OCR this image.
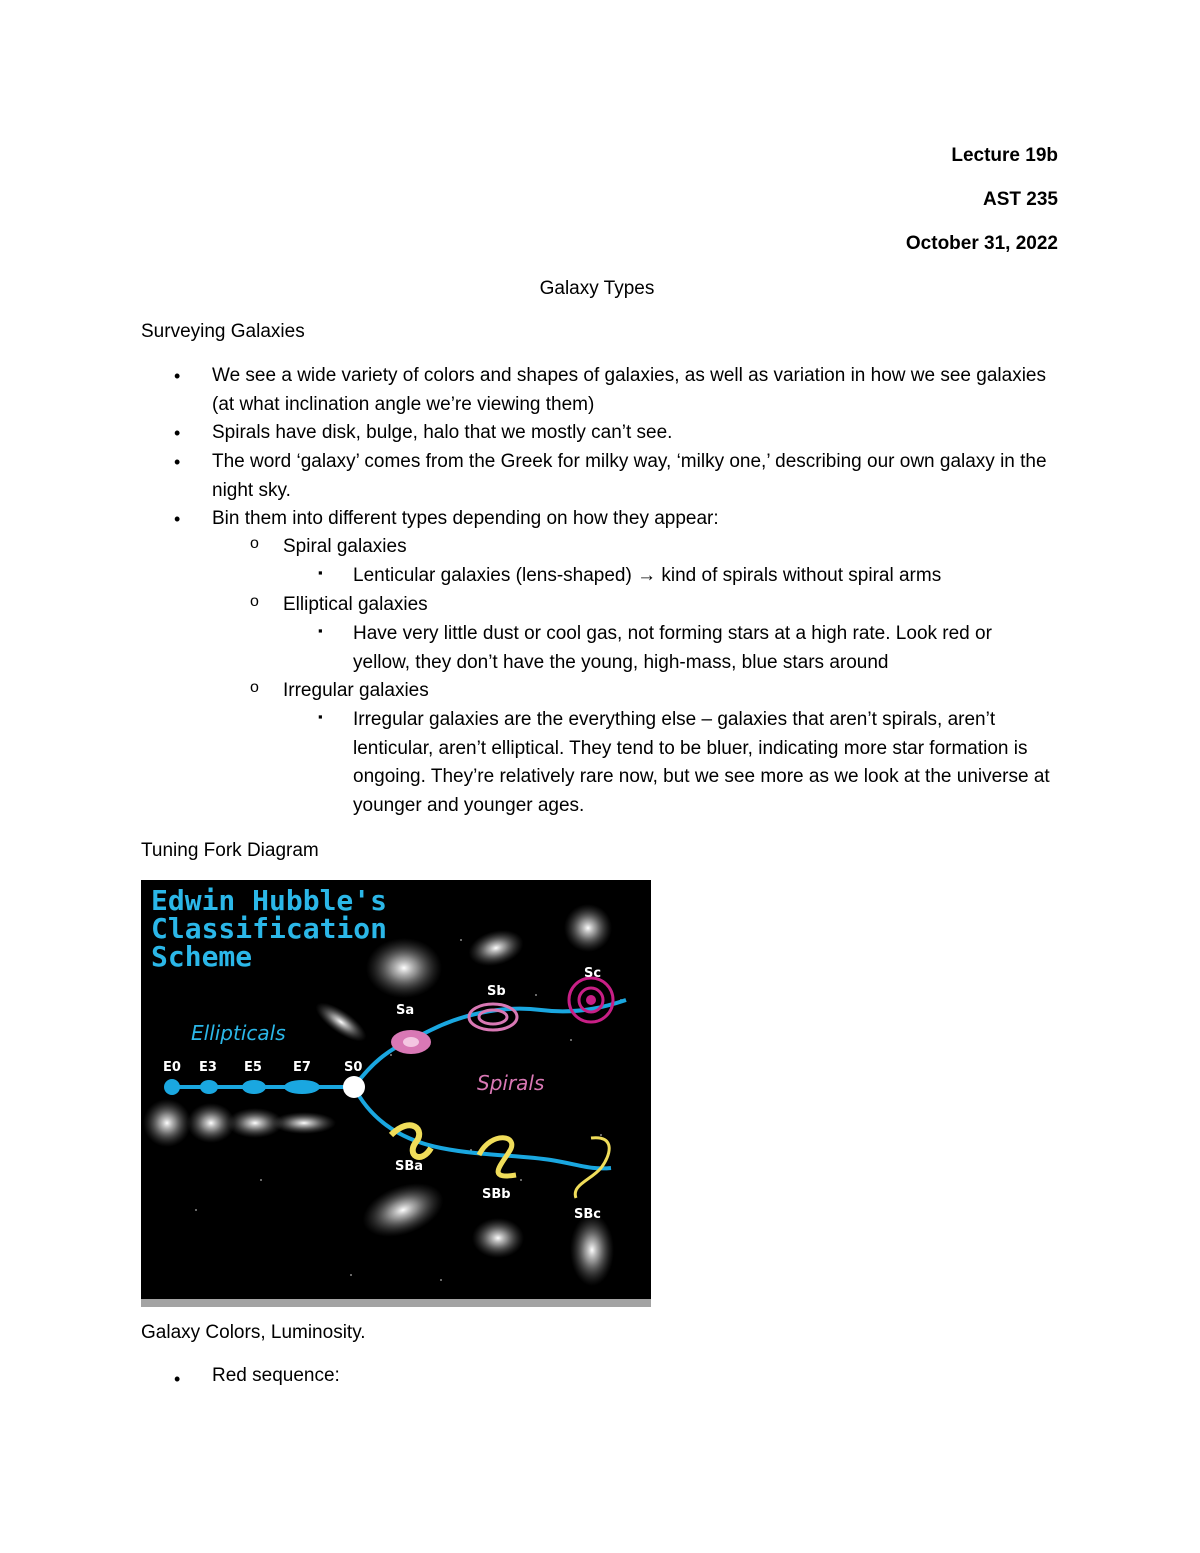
Lecture 19b
AST 235
October 31, 2022
Galaxy Types
Surveying Galaxies
• We see a wide variety of colors and shapes of galaxies, as well as variation in how we see galaxies (at what inclination angle we’re viewing them)
• Spirals have disk, bulge, halo that we mostly can’t see.
• The word ‘galaxy’ comes from the Greek for milky way, ‘milky one,’ describing our own galaxy in the night sky.
• Bin them into different types depending on how they appear:
o Spiral galaxies
▪ Lenticular galaxies (lens-shaped) → kind of spirals without spiral arms
o Elliptical galaxies
▪ Have very little dust or cool gas, not forming stars at a high rate. Look red or yellow, they don’t have the young, high-mass, blue stars around
o Irregular galaxies
▪ Irregular galaxies are the everything else – galaxies that aren’t spirals, aren’t lenticular, aren’t elliptical. They tend to be bluer, indicating more star formation is ongoing. They’re relatively rare now, but we see more as we look at the universe at younger and younger ages.
Tuning Fork Diagram
Edwin Hubble's
Classification
Scheme
E0 E3 E5 E7	S0
Sa
Sb
Sc
SBa
SBb
SBc
Ellipticals
Spirals
Galaxy Colors, Luminosity.
• Red sequence:
